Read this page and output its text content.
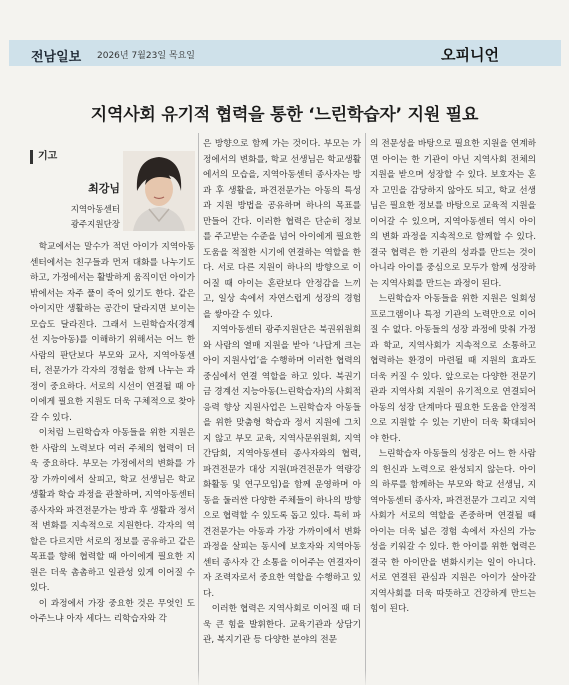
전남일보 2026년 7월23일 목요일	오피니언
지역사회 유기적 협력을 통한 ‘느린학습자’ 지원 필요
기고
최강님
지역아동센터
광주지원단장

학교에서는 말수가 적던 아이가 지역아동센터에서는 친구들과 먼저 대화를 나누기도 하고, 가정에서는 활발하게 움직이던 아이가 밖에서는 자주 풀이 죽어 있기도 한다. 같은 아이지만 생활하는 공간이 달라지면 보이는 모습도 달라진다. 그래서 느린학습자(경계선 지능아동)를 이해하기 위해서는 어느 한 사람의 판단보다 부모와 교사, 지역아동센터, 전문가가 각자의 경험을 함께 나누는 과정이 중요하다. 서로의 시선이 연결될 때 아이에게 필요한 지원도 더욱 구체적으로 찾아갈 수 있다.

이처럼 느린학습자 아동들을 위한 지원은 한 사람의 노력보다 여러 주체의 협력이 더욱 중요하다. 부모는 가정에서의 변화를 가장 가까이에서 살피고, 학교 선생님은 학교생활과 학습 과정을 관찰하며, 지역아동센터 종사자와 파견전문가는 방과 후 생활과 정서적 변화를 지속적으로 지원한다. 각자의 역할은 다르지만 서로의 정보를 공유하고 같은 목표를 향해 협력할 때 아이에게 필요한 지원은 더욱 촘촘하고 일관성 있게 이어질 수 있다.

이 과정에서 가장 중요한 것은 무엇인 도아주느냐 아자 세다느 리학습자와 각

은 방향으로 함께 가는 것이다. 부모는 가정에서의 변화를, 학교 선생님은 학교생활에서의 모습을, 지역아동센터 종사자는 방과 후 생활을, 파견전문가는 아동의 특성과 지원 방법을 공유하며 하나의 목표를 만들어 간다. 이러한 협력은 단순히 정보를 주고받는 수준을 넘어 아이에게 필요한 도움을 적절한 시기에 연결하는 역할을 한다. 서로 다른 지원이 하나의 방향으로 이어질 때 아이는 혼란보다 안정감을 느끼고, 일상 속에서 자연스럽게 성장의 경험을 쌓아갈 수 있다.

지역아동센터 광주지원단은 북권위원회와 사람의 열매 지원을 받아 ‘나답게 크는 아이 지원사업’을 수행하며 이러한 협력의 중심에서 연결 역할을 하고 있다. 북권기금 경계선 지능아동(느린학습자)의 사회적응력 향상 지원사업은 느린학습자 아동들을 위한 맞춤형 학습과 정서 지원에 그치지 않고 부모 교육, 지역사문위원회, 지역간담회, 지역아동센터 종사자와의 협력, 파견전문가 대상 지원(파견전문가 역량강화활동 및 연구모임)을 함께 운영하며 아동을 둘러싼 다양한 주체들이 하나의 방향으로 협력할 수 있도록 돕고 있다. 특히 파견전문가는 아동과 가장 가까이에서 변화 과정을 살피는 동시에 보호자와 지역아동센터 종사자 간 소통을 이어주는 연결자이자 조력자로서 중요한 역할을 수행하고 있다.

이러한 협력은 지역사회로 이어질 때 더욱 큰 힘을 발휘한다. 교육기관과 상담기관, 복지기관 등 다양한 분야의 전문

의 전문성을 바탕으로 필요한 지원을 연계하면 아이는 한 기관이 아닌 지역사회 전체의 지원을 받으며 성장할 수 있다. 보호자는 혼자 고민을 감당하지 않아도 되고, 학교 선생님은 필요한 정보를 바탕으로 교육적 지원을 이어갈 수 있으며, 지역아동센터 역시 아이의 변화 과정을 지속적으로 함께할 수 있다. 결국 협력은 한 기관의 성과를 만드는 것이 아니라 아이를 중심으로 모두가 함께 성장하는 지역사회를 만드는 과정이 된다.

느린학습자 아동들을 위한 지원은 일회성 프로그램이나 특정 기관의 노력만으로 이어질 수 없다. 아동들의 성장 과정에 맞춰 가정과 학교, 지역사회가 지속적으로 소통하고 협력하는 환경이 마련될 때 지원의 효과도 더욱 커질 수 있다. 앞으로는 다양한 전문기관과 지역사회 지원이 유기적으로 연결되어 아동의 성장 단계마다 필요한 도움을 안정적으로 지원할 수 있는 기반이 더욱 확대되어야 한다.

느린학습자 아동들의 성장은 어느 한 사람의 헌신과 노력으로 완성되지 않는다. 아이의 하루를 함께하는 부모와 학교 선생님, 지역아동센터 종사자, 파견전문가 그리고 지역사회가 서로의 역할을 존중하며 연결될 때 아이는 더욱 넓은 경험 속에서 자신의 가능성을 키워갈 수 있다. 한 아이를 위한 협력은 결국 한 아이만을 변화시키는 일이 아니다. 서로 연결된 관심과 지원은 아이가 살아갈 지역사회를 더욱 따뜻하고 건강하게 만드는 힘이 된다.
